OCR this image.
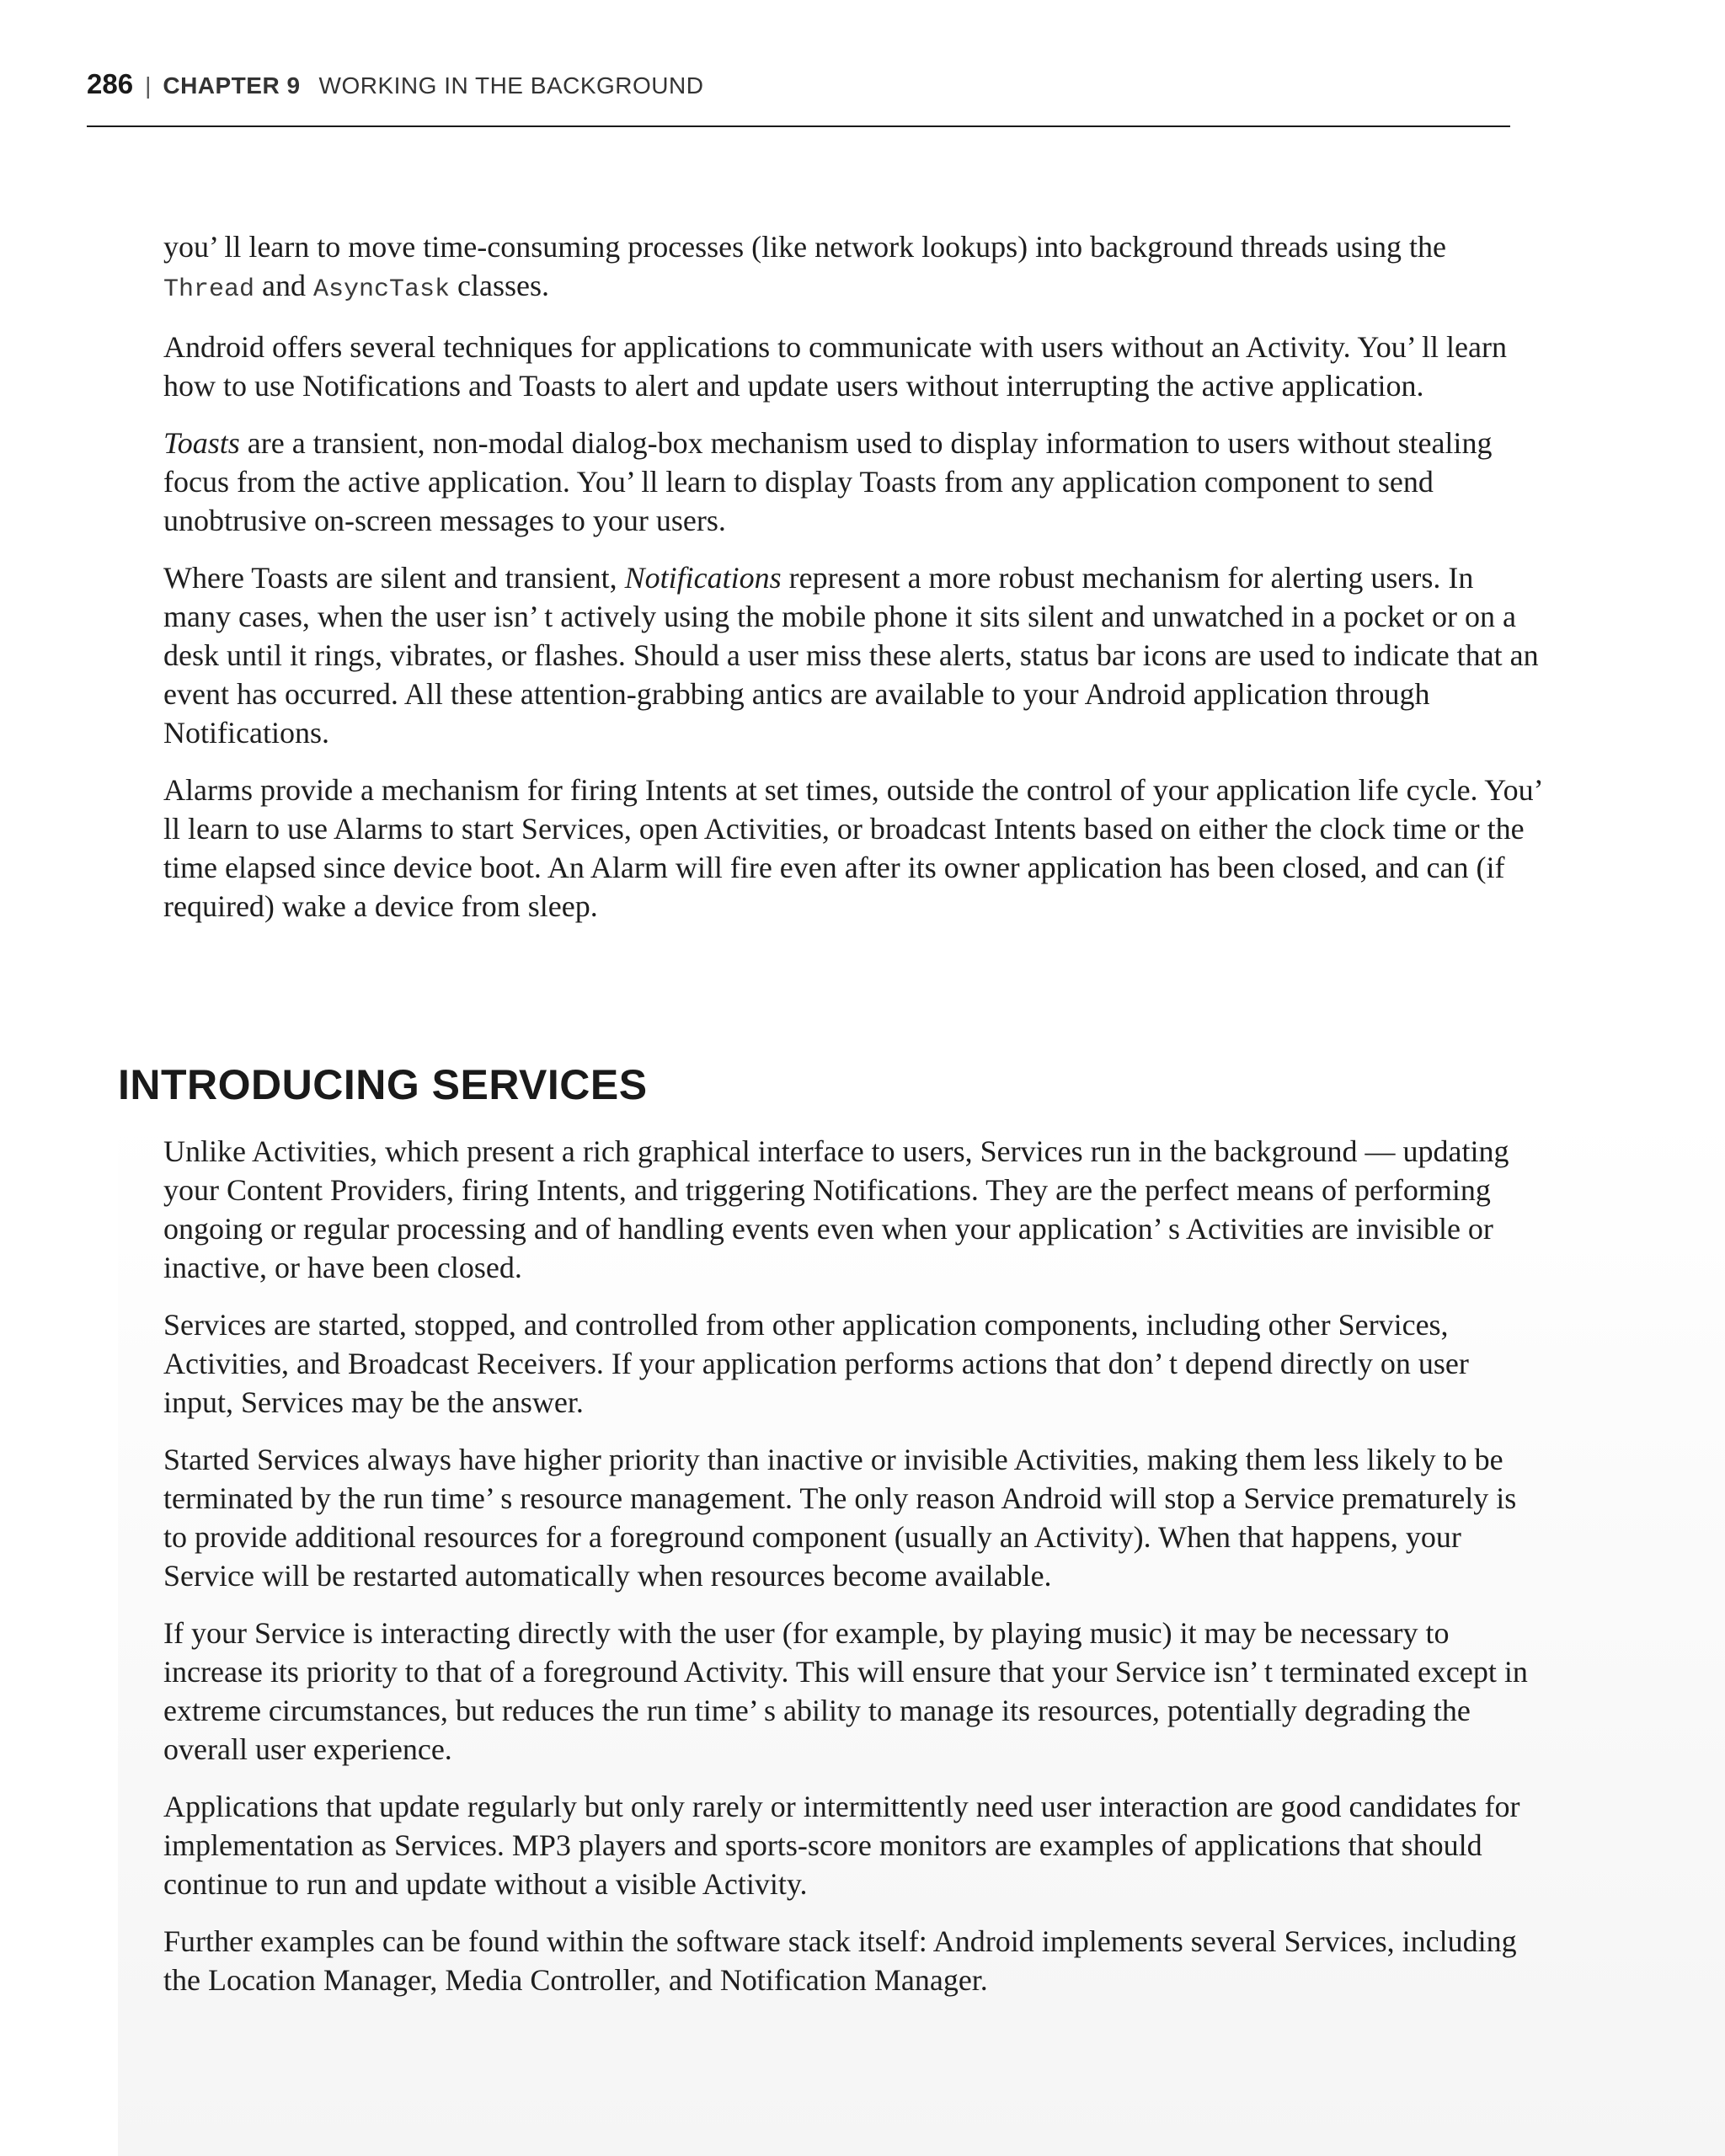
286 | CHAPTER 9 WORKING IN THE BACKGROUND

you’ ll learn to move time-consuming processes (like network lookups) into background threads using the Thread and AsyncTask classes.

Android offers several techniques for applications to communicate with users without an Activity. You’ ll learn how to use Notifications and Toasts to alert and update users without interrupting the active application.

Toasts are a transient, non-modal dialog-box mechanism used to display information to users without stealing focus from the active application. You’ ll learn to display Toasts from any application component to send unobtrusive on-screen messages to your users.

Where Toasts are silent and transient, Notifications represent a more robust mechanism for alerting users. In many cases, when the user isn’ t actively using the mobile phone it sits silent and unwatched in a pocket or on a desk until it rings, vibrates, or flashes. Should a user miss these alerts, status bar icons are used to indicate that an event has occurred. All these attention-grabbing antics are available to your Android application through Notifications.

Alarms provide a mechanism for firing Intents at set times, outside the control of your application life cycle. You’ ll learn to use Alarms to start Services, open Activities, or broadcast Intents based on either the clock time or the time elapsed since device boot. An Alarm will fire even after its owner application has been closed, and can (if required) wake a device from sleep.

INTRODUCING SERVICES

Unlike Activities, which present a rich graphical interface to users, Services run in the background — updating your Content Providers, firing Intents, and triggering Notifications. They are the perfect means of performing ongoing or regular processing and of handling events even when your application’ s Activities are invisible or inactive, or have been closed.

Services are started, stopped, and controlled from other application components, including other Services, Activities, and Broadcast Receivers. If your application performs actions that don’ t depend directly on user input, Services may be the answer.

Started Services always have higher priority than inactive or invisible Activities, making them less likely to be terminated by the run time’ s resource management. The only reason Android will stop a Service prematurely is to provide additional resources for a foreground component (usually an Activity). When that happens, your Service will be restarted automatically when resources become available.

If your Service is interacting directly with the user (for example, by playing music) it may be necessary to increase its priority to that of a foreground Activity. This will ensure that your Service isn’ t terminated except in extreme circumstances, but reduces the run time’ s ability to manage its resources, potentially degrading the overall user experience.

Applications that update regularly but only rarely or intermittently need user interaction are good candidates for implementation as Services. MP3 players and sports-score monitors are examples of applications that should continue to run and update without a visible Activity.

Further examples can be found within the software stack itself: Android implements several Services, including the Location Manager, Media Controller, and Notification Manager.
